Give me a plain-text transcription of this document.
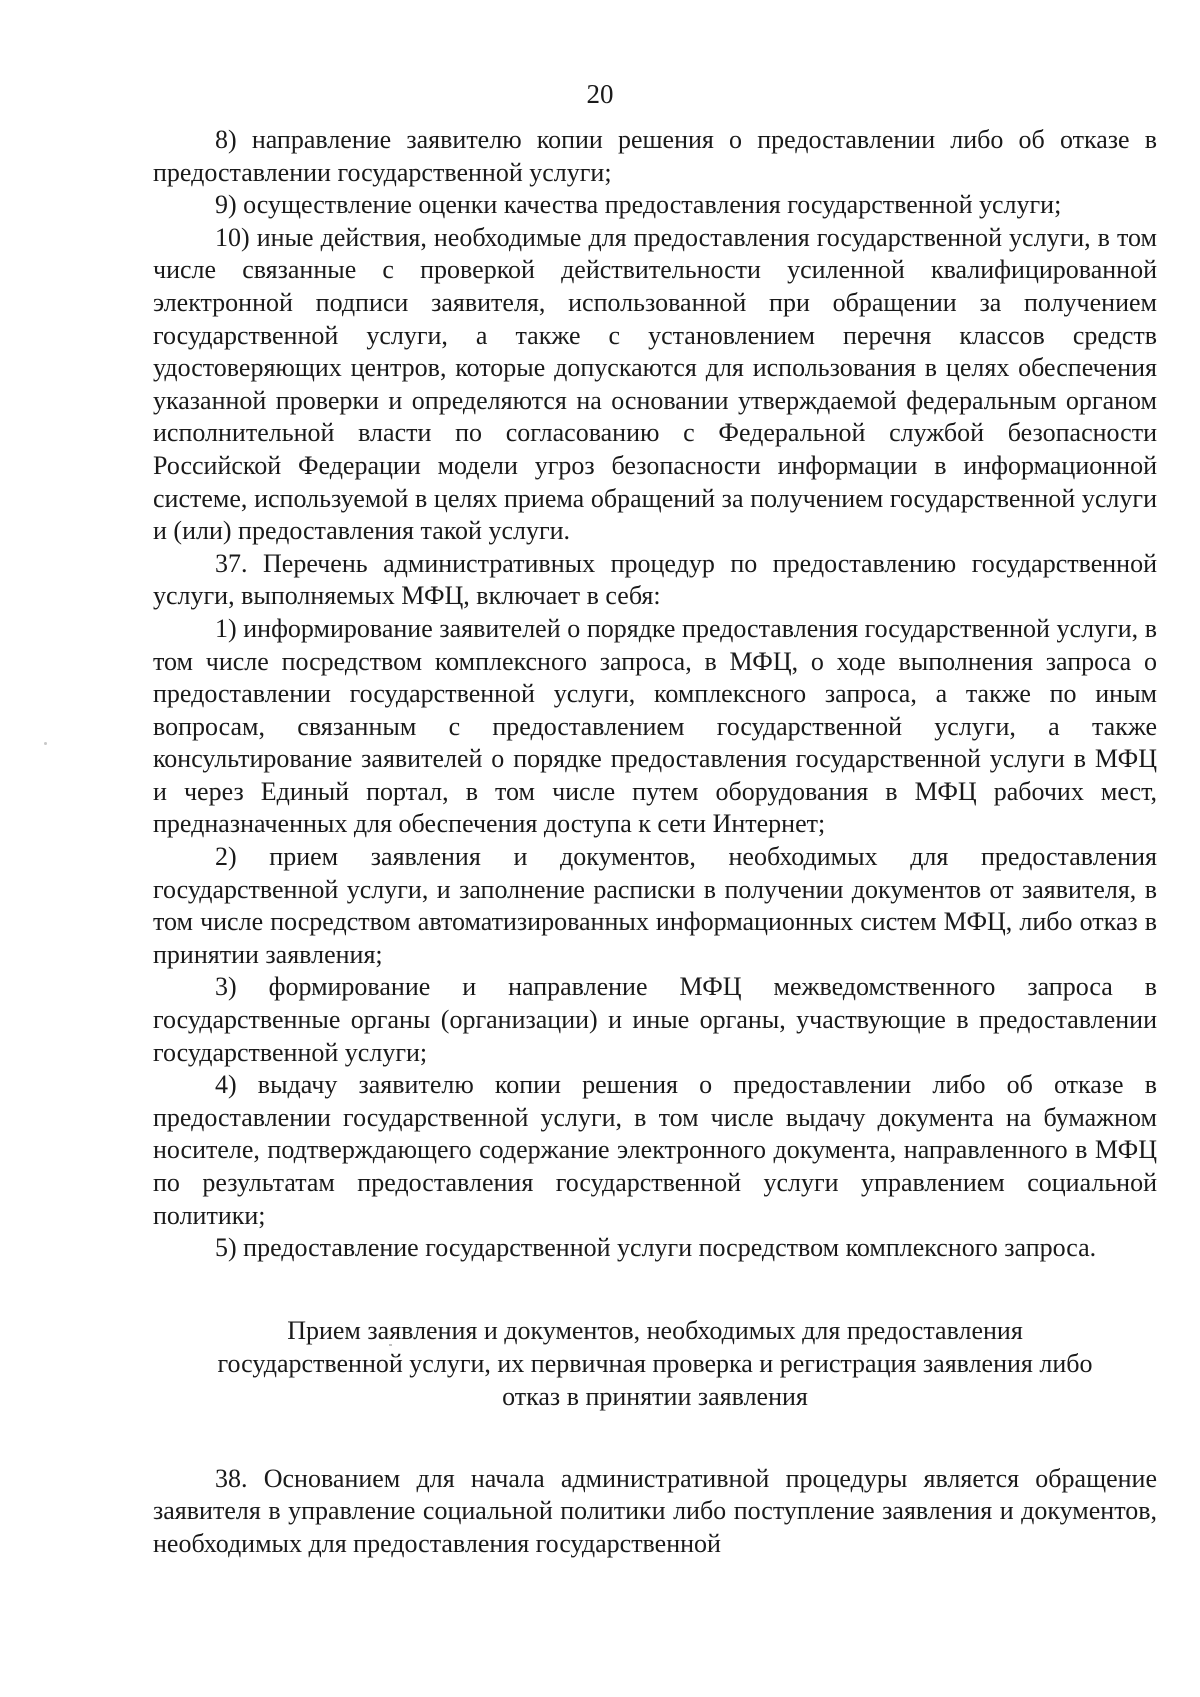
20

8) направление заявителю копии решения о предоставлении либо об отказе в предоставлении государственной услуги;

9) осуществление оценки качества предоставления государственной услуги;

10) иные действия, необходимые для предоставления государственной услуги, в том числе связанные с проверкой действительности усиленной квалифицированной электронной подписи заявителя, использованной при обращении за получением государственной услуги, а также с установлением перечня классов средств удостоверяющих центров, которые допускаются для использования в целях обеспечения указанной проверки и определяются на основании утверждаемой федеральным органом исполнительной власти по согласованию с Федеральной службой безопасности Российской Федерации модели угроз безопасности информации в информационной системе, используемой в целях приема обращений за получением государственной услуги и (или) предоставления такой услуги.

37. Перечень административных процедур по предоставлению государственной услуги, выполняемых МФЦ, включает в себя:

1) информирование заявителей о порядке предоставления государственной услуги, в том числе посредством комплексного запроса, в МФЦ, о ходе выполнения запроса о предоставлении государственной услуги, комплексного запроса, а также по иным вопросам, связанным с предоставлением государственной услуги, а также консультирование заявителей о порядке предоставления государственной услуги в МФЦ и через Единый портал, в том числе путем оборудования в МФЦ рабочих мест, предназначенных для обеспечения доступа к сети Интернет;

2) прием заявления и документов, необходимых для предоставления государственной услуги, и заполнение расписки в получении документов от заявителя, в том числе посредством автоматизированных информационных систем МФЦ, либо отказ в принятии заявления;

3) формирование и направление МФЦ межведомственного запроса в государственные органы (организации) и иные органы, участвующие в предоставлении государственной услуги;

4) выдачу заявителю копии решения о предоставлении либо об отказе в предоставлении государственной услуги, в том числе выдачу документа на бумажном носителе, подтверждающего содержание электронного документа, направленного в МФЦ по результатам предоставления государственной услуги управлением социальной политики;

5) предоставление государственной услуги посредством комплексного запроса.

Прием заявления и документов, необходимых для предоставления
государственной услуги, их первичная проверка и регистрация заявления либо
отказ в принятии заявления

38. Основанием для начала административной процедуры является обращение заявителя в управление социальной политики либо поступление заявления и документов, необходимых для предоставления государственной
